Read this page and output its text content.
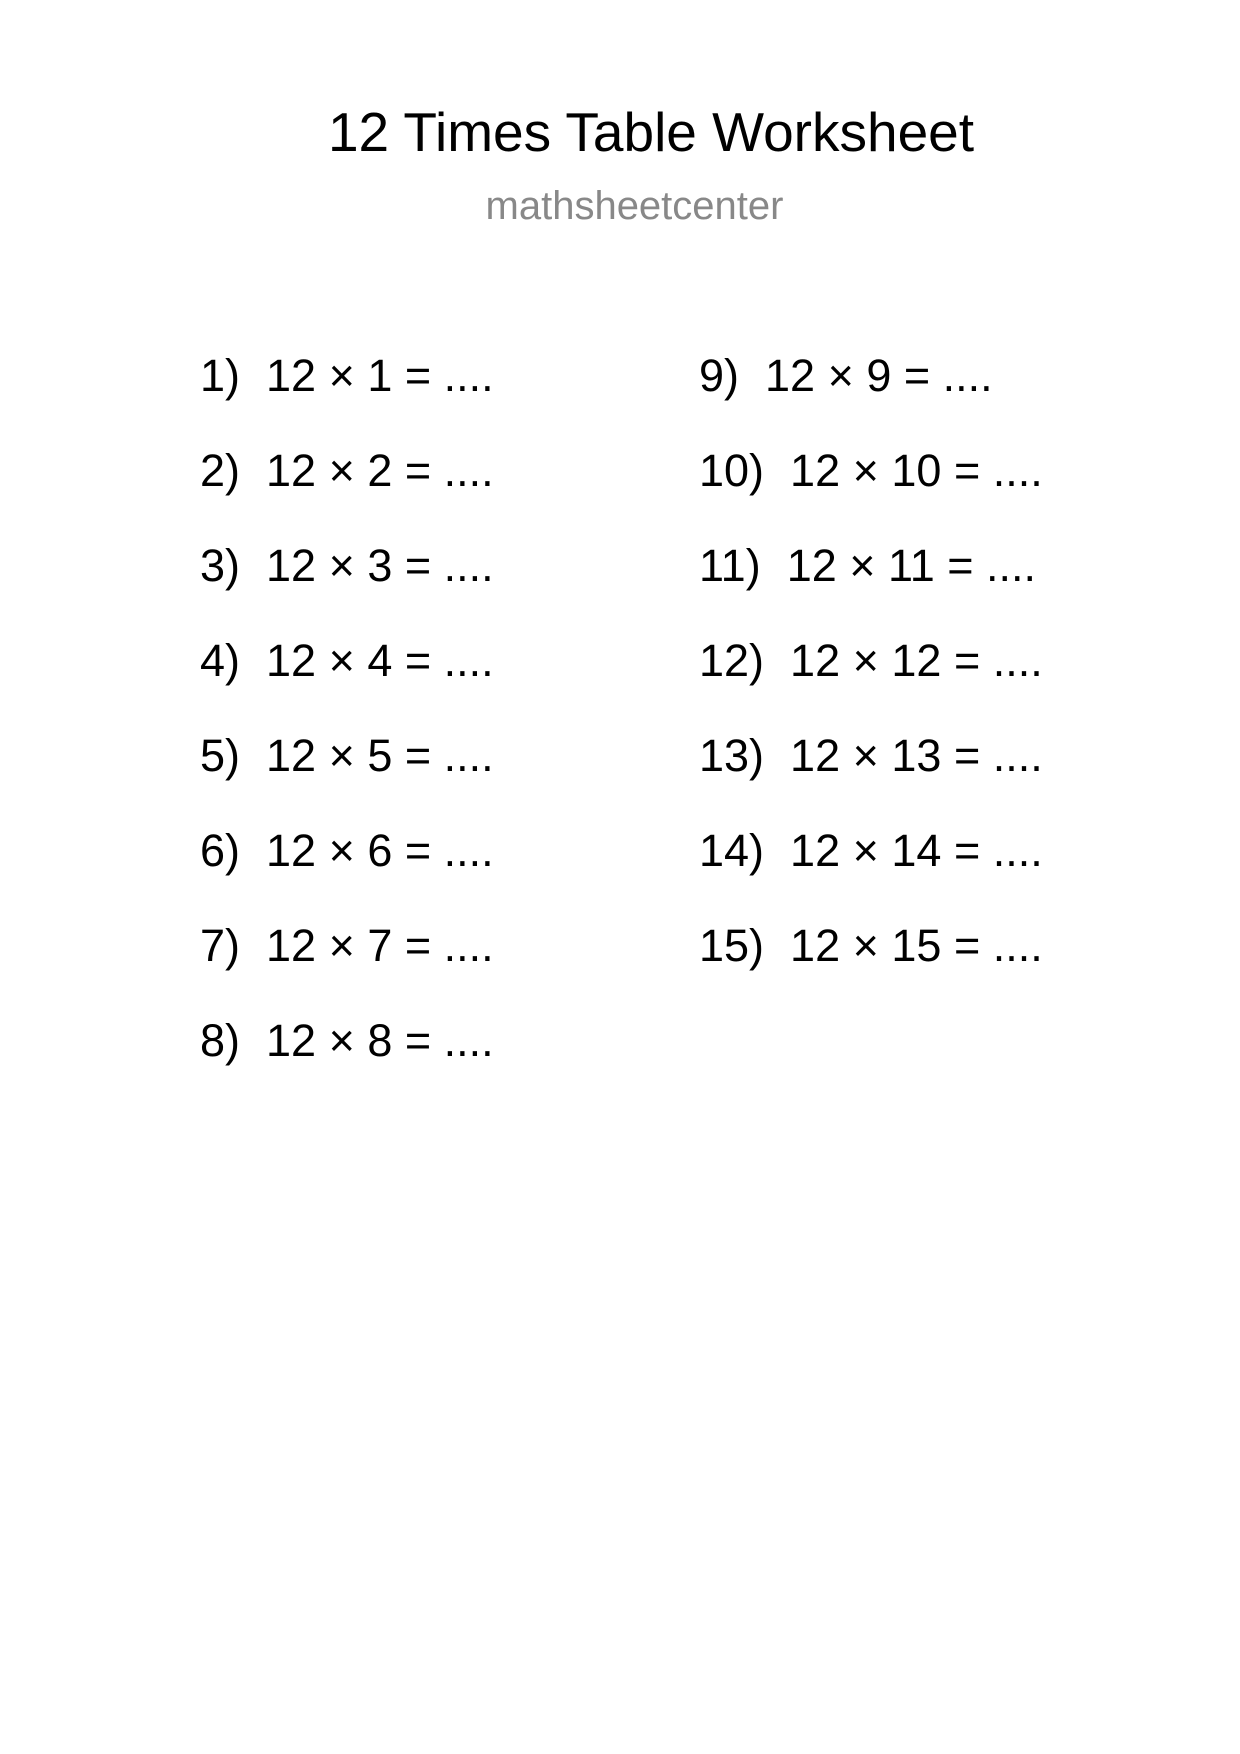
12 Times Table Worksheet
mathsheetcenter
1) 12 × 1 = ....
2) 12 × 2 = ....
3) 12 × 3 = ....
4) 12 × 4 = ....
5) 12 × 5 = ....
6) 12 × 6 = ....
7) 12 × 7 = ....
8) 12 × 8 = ....
9) 12 × 9 = ....
10) 12 × 10 = ....
11) 12 × 11 = ....
12) 12 × 12 = ....
13) 12 × 13 = ....
14) 12 × 14 = ....
15) 12 × 15 = ....
